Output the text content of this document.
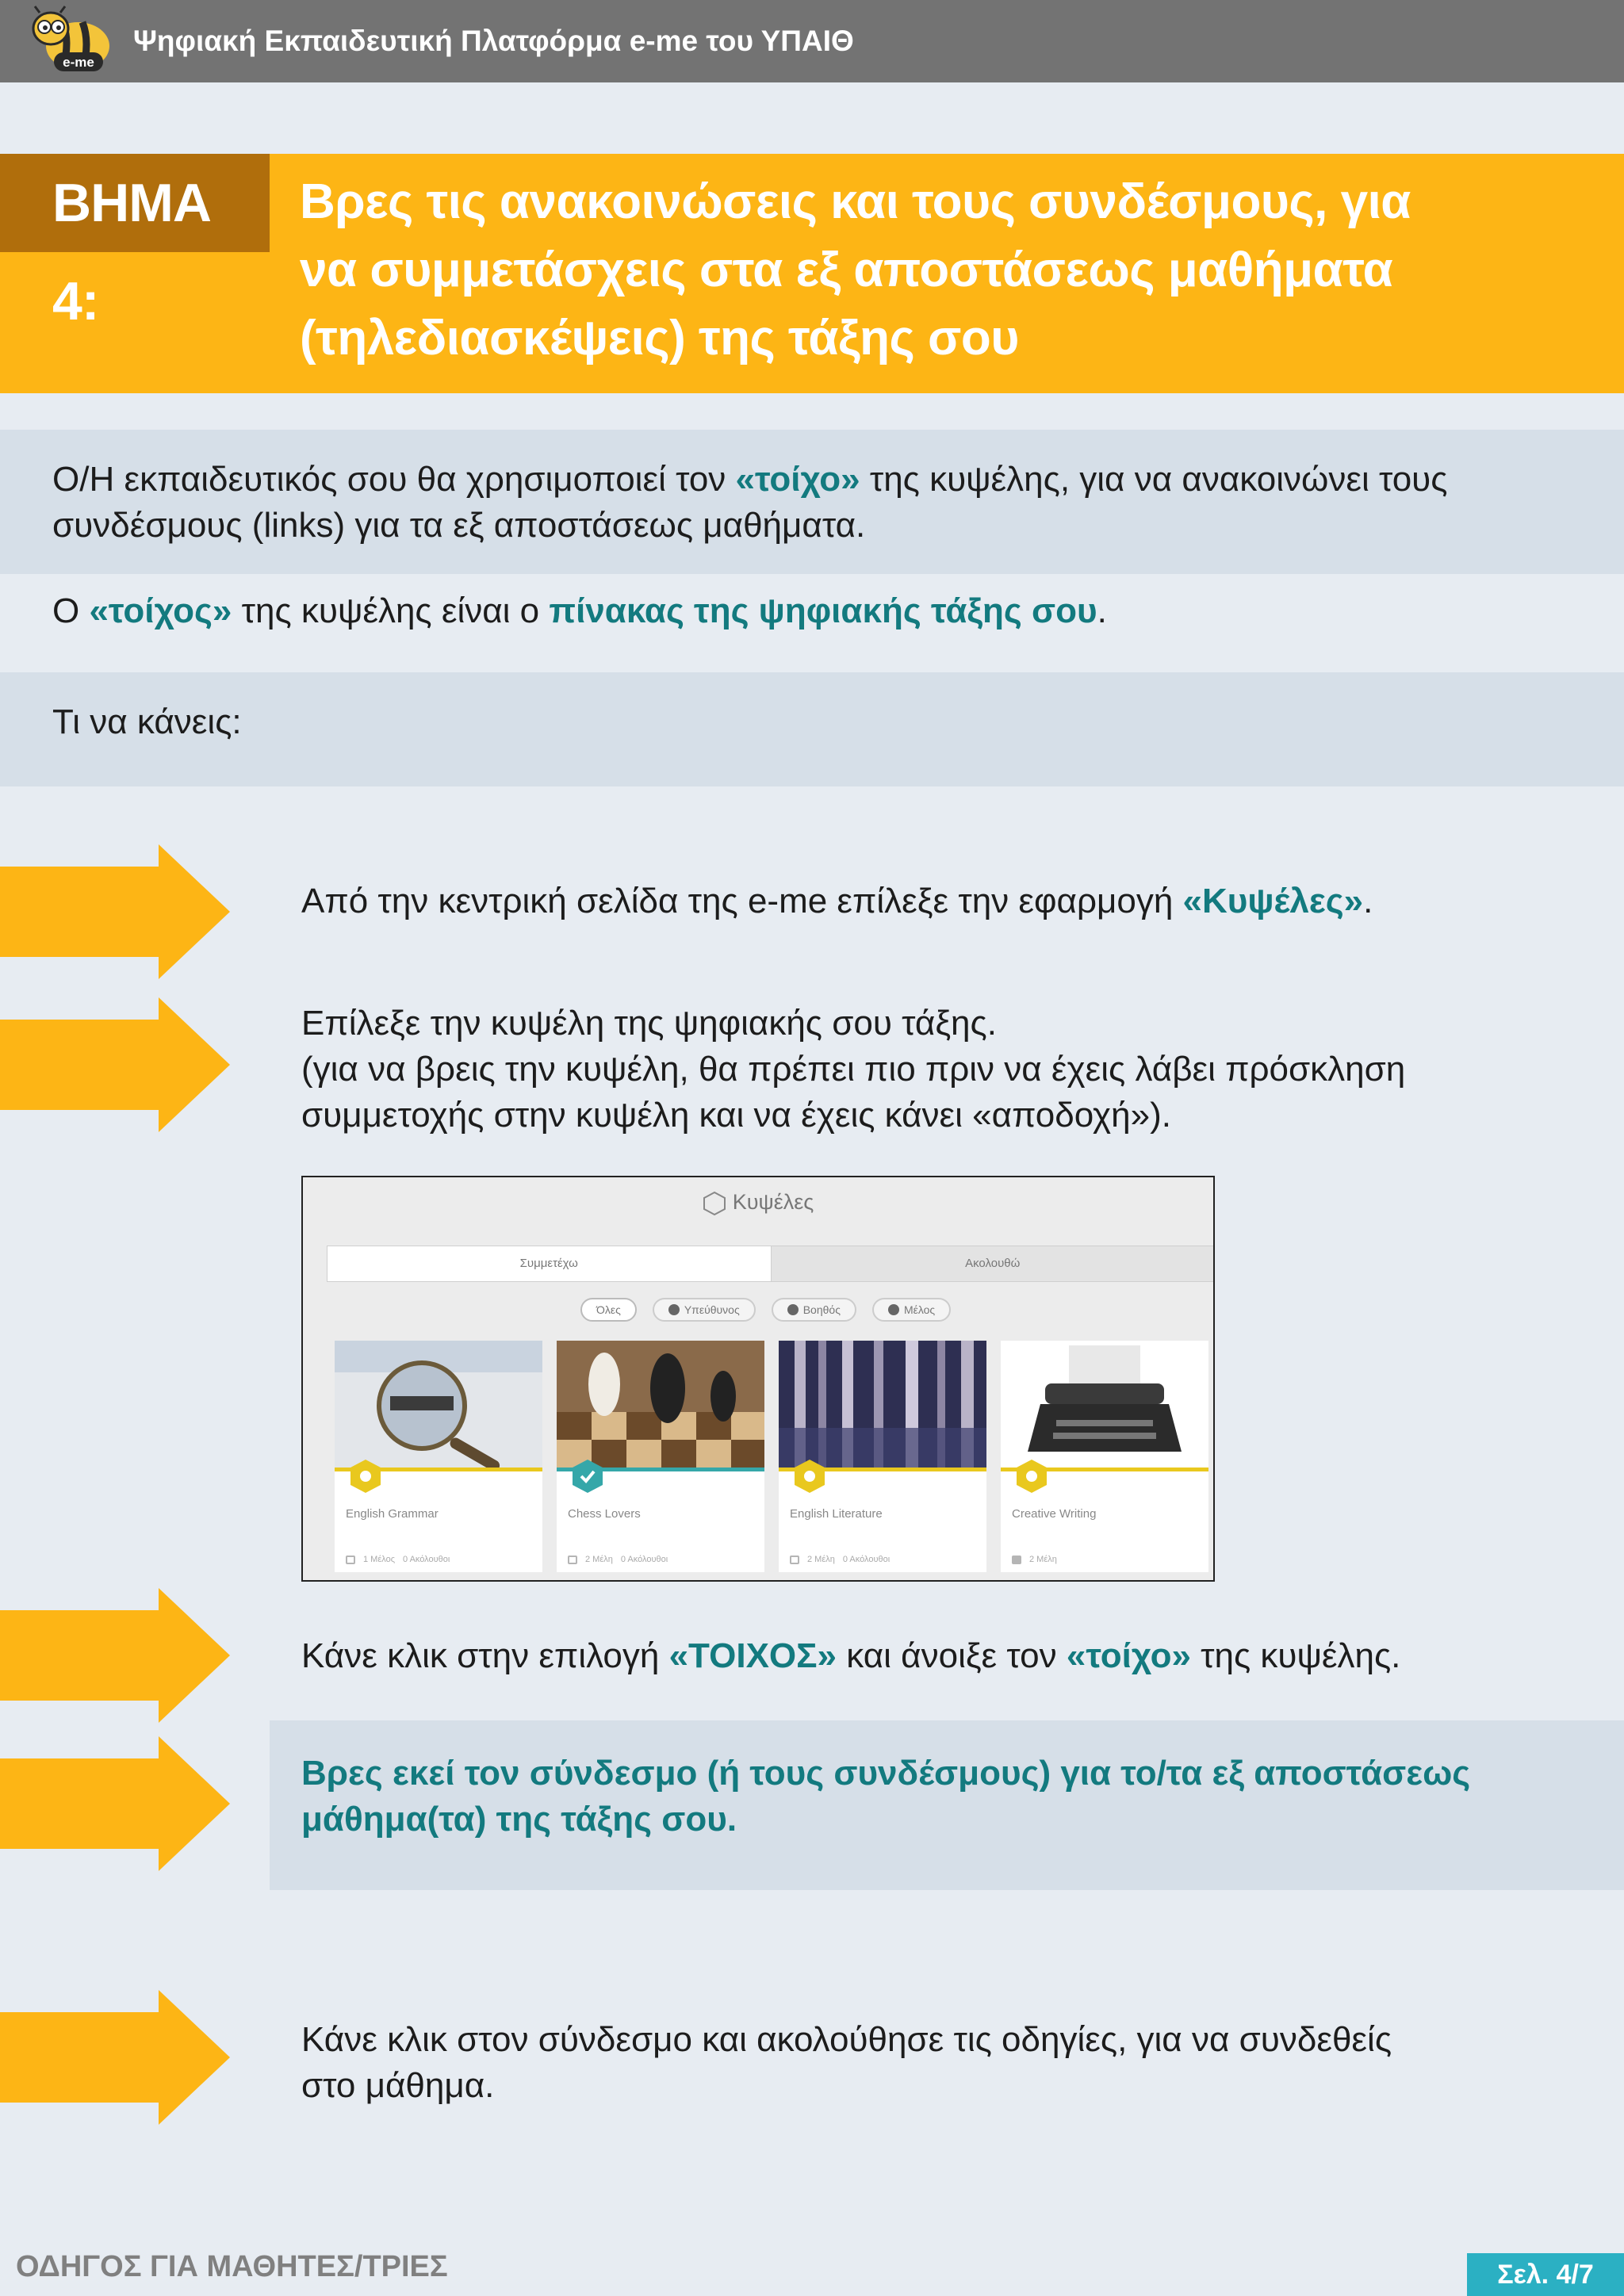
e-me
Ψηφιακή Εκπαιδευτική Πλατφόρμα e-me του ΥΠΑΙΘ
ΒΗΜΑ 4:
Βρες τις ανακοινώσεις και τους συνδέσμους, για
να συμμετάσχεις στα εξ αποστάσεως μαθήματα
(τηλεδιασκέψεις) της τάξης σου
Ο/Η εκπαιδευτικός σου θα χρησιμοποιεί τον «τοίχο» της κυψέλης, για να ανακοινώνει τους
συνδέσμους (links) για τα εξ αποστάσεως μαθήματα.
Ο «τοίχος» της κυψέλης είναι ο πίνακας της ψηφιακής τάξης σου.
Τι να κάνεις:
Από την κεντρική σελίδα της e-me επίλεξε την εφαρμογή «Κυψέλες».
Επίλεξε την κυψέλη της ψηφιακής σου τάξης.
(για να βρεις την κυψέλη, θα πρέπει πιο πριν να έχεις λάβει πρόσκληση
συμμετοχής στην κυψέλη και να έχεις κάνει «αποδοχή»).
Κυψέλες
Συμμετέχω	Ακολουθώ
Όλες	Υπεύθυνος	Βοηθός	Μέλος
English Grammar
1 Μέλος 0 Ακόλουθοι
Chess Lovers
2 Μέλη 0 Ακόλουθοι
English Literature
2 Μέλη 0 Ακόλουθοι
Creative Writing
2 Μέλη
Κάνε κλικ στην επιλογή «ΤΟΙΧΟΣ» και άνοιξε τον «τοίχο» της κυψέλης.
Βρες εκεί τον σύνδεσμο (ή τους συνδέσμους) για το/τα εξ αποστάσεως
μάθημα(τα) της τάξης σου.
Κάνε κλικ στον σύνδεσμο και ακολούθησε τις οδηγίες, για να συνδεθείς
στο μάθημα.
ΟΔΗΓΟΣ ΓΙΑ ΜΑΘΗΤΕΣ/ΤΡΙΕΣ	Σελ. 4/7
